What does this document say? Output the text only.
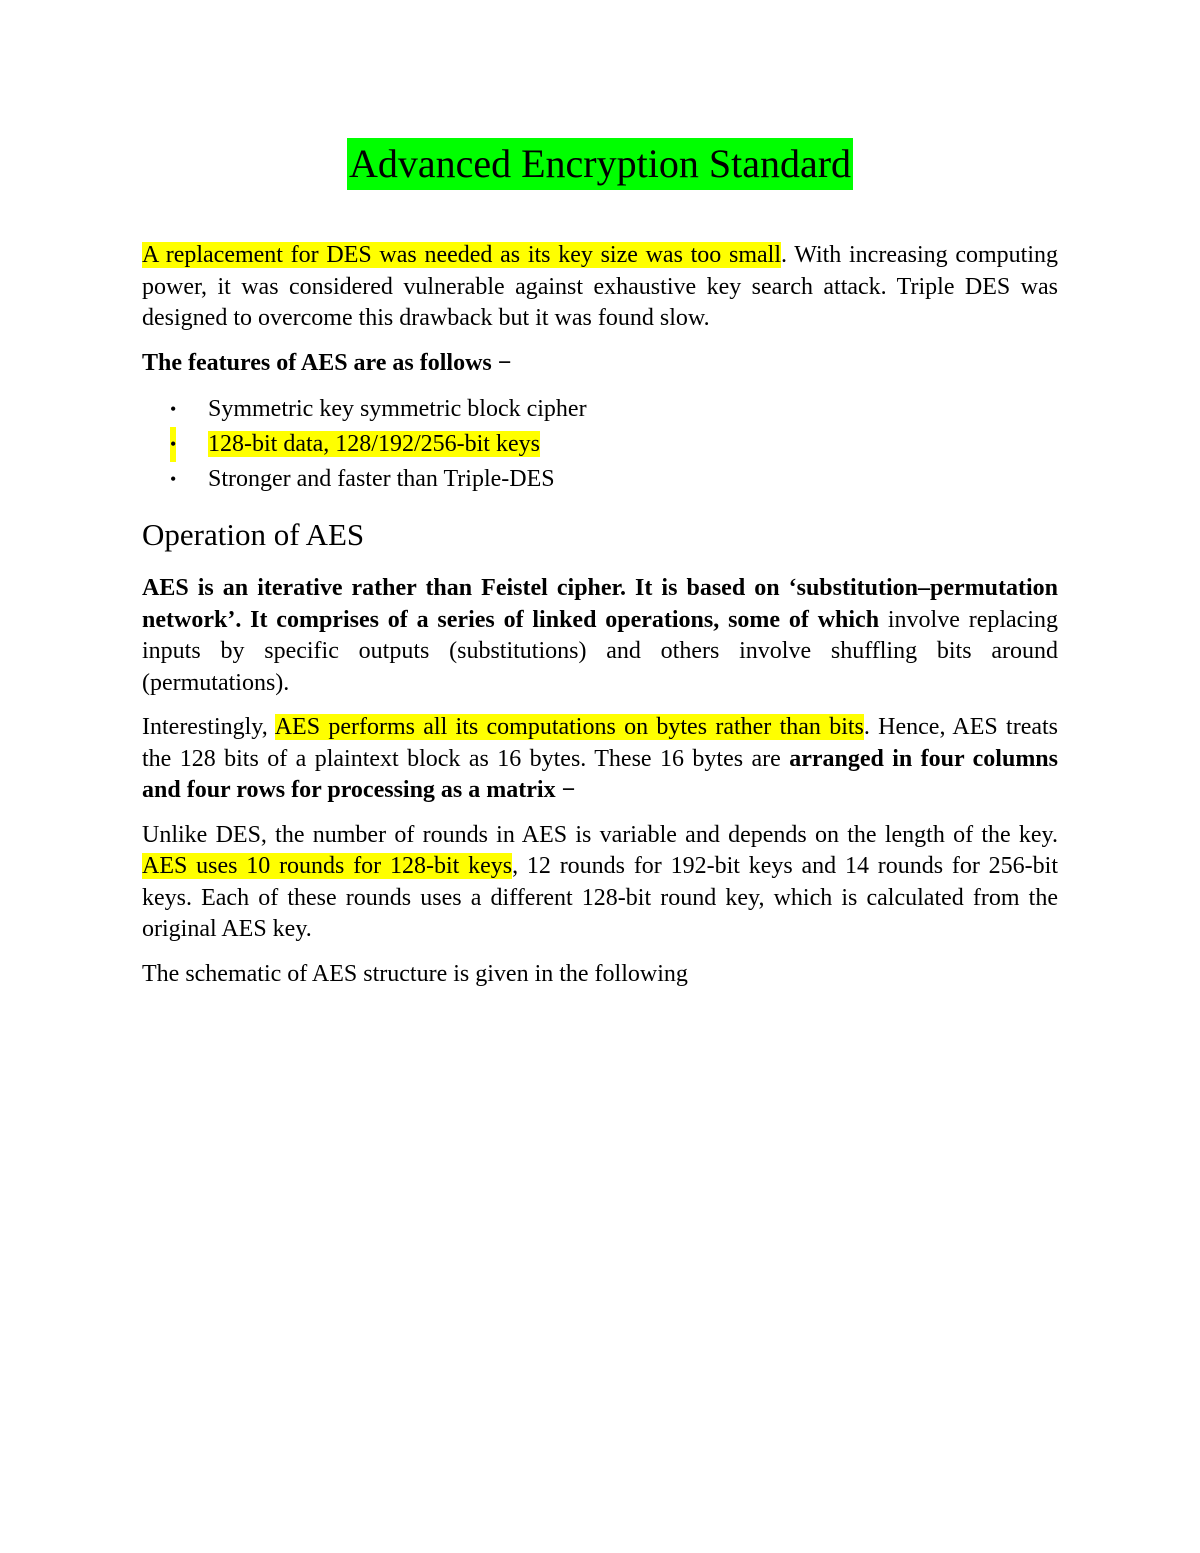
Advanced Encryption Standard

A replacement for DES was needed as its key size was too small. With increasing computing power, it was considered vulnerable against exhaustive key search attack. Triple DES was designed to overcome this drawback but it was found slow.

The features of AES are as follows −

• Symmetric key symmetric block cipher
• 128-bit data, 128/192/256-bit keys
• Stronger and faster than Triple-DES
Operation of AES

AES is an iterative rather than Feistel cipher. It is based on ‘substitution–permutation network’. It comprises of a series of linked operations, some of which involve replacing inputs by specific outputs (substitutions) and others involve shuffling bits around (permutations).

Interestingly, AES performs all its computations on bytes rather than bits. Hence, AES treats the 128 bits of a plaintext block as 16 bytes. These 16 bytes are arranged in four columns and four rows for processing as a matrix −

Unlike DES, the number of rounds in AES is variable and depends on the length of the key. AES uses 10 rounds for 128-bit keys, 12 rounds for 192-bit keys and 14 rounds for 256-bit keys. Each of these rounds uses a different 128-bit round key, which is calculated from the original AES key.

The schematic of AES structure is given in the following
